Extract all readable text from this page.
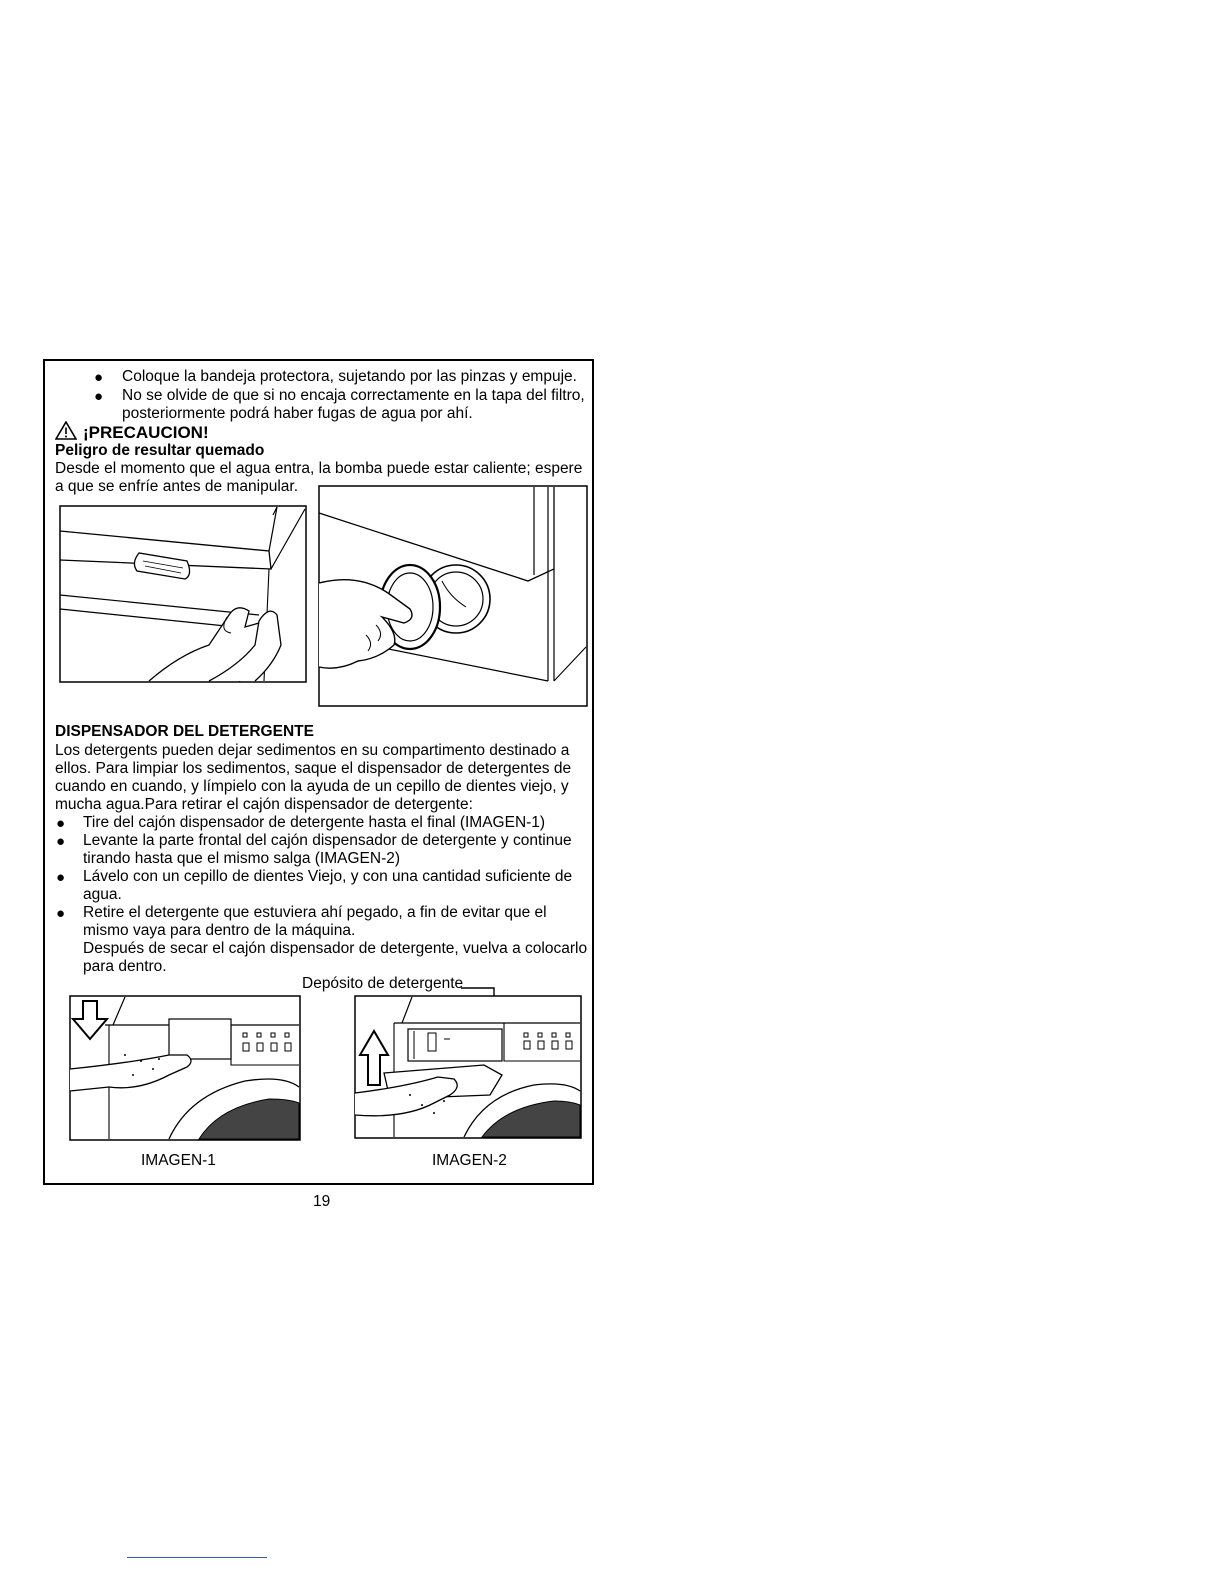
● Coloque la bandeja protectora, sujetando por las pinzas y empuje.
● No se olvide de que si no encaja correctamente en la tapa del filtro,
posteriormente podrá haber fugas de agua por ahí.
¡PRECAUCION!
Peligro de resultar quemado
Desde el momento que el agua entra, la bomba puede estar caliente; espere
a que se enfríe antes de manipular.
DISPENSADOR DEL DETERGENTE
Los detergents pueden dejar sedimentos en su compartimento destinado a
ellos. Para limpiar los sedimentos, saque el dispensador de detergentes de
cuando en cuando, y límpielo con la ayuda de un cepillo de dientes viejo, y
mucha agua.Para retirar el cajón dispensador de detergente:
● Tire del cajón dispensador de detergente hasta el final (IMAGEN-1)
● Levante la parte frontal del cajón dispensador de detergente y continue
tirando hasta que el mismo salga (IMAGEN-2)
● Lávelo con un cepillo de dientes Viejo, y con una cantidad suficiente de
agua.
● Retire el detergente que estuviera ahí pegado, a fin de evitar que el
mismo vaya para dentro de la máquina.
Después de secar el cajón dispensador de detergente, vuelva a colocarlo
para dentro.
Depósito de detergente
IMAGEN-1	IMAGEN-2
19
